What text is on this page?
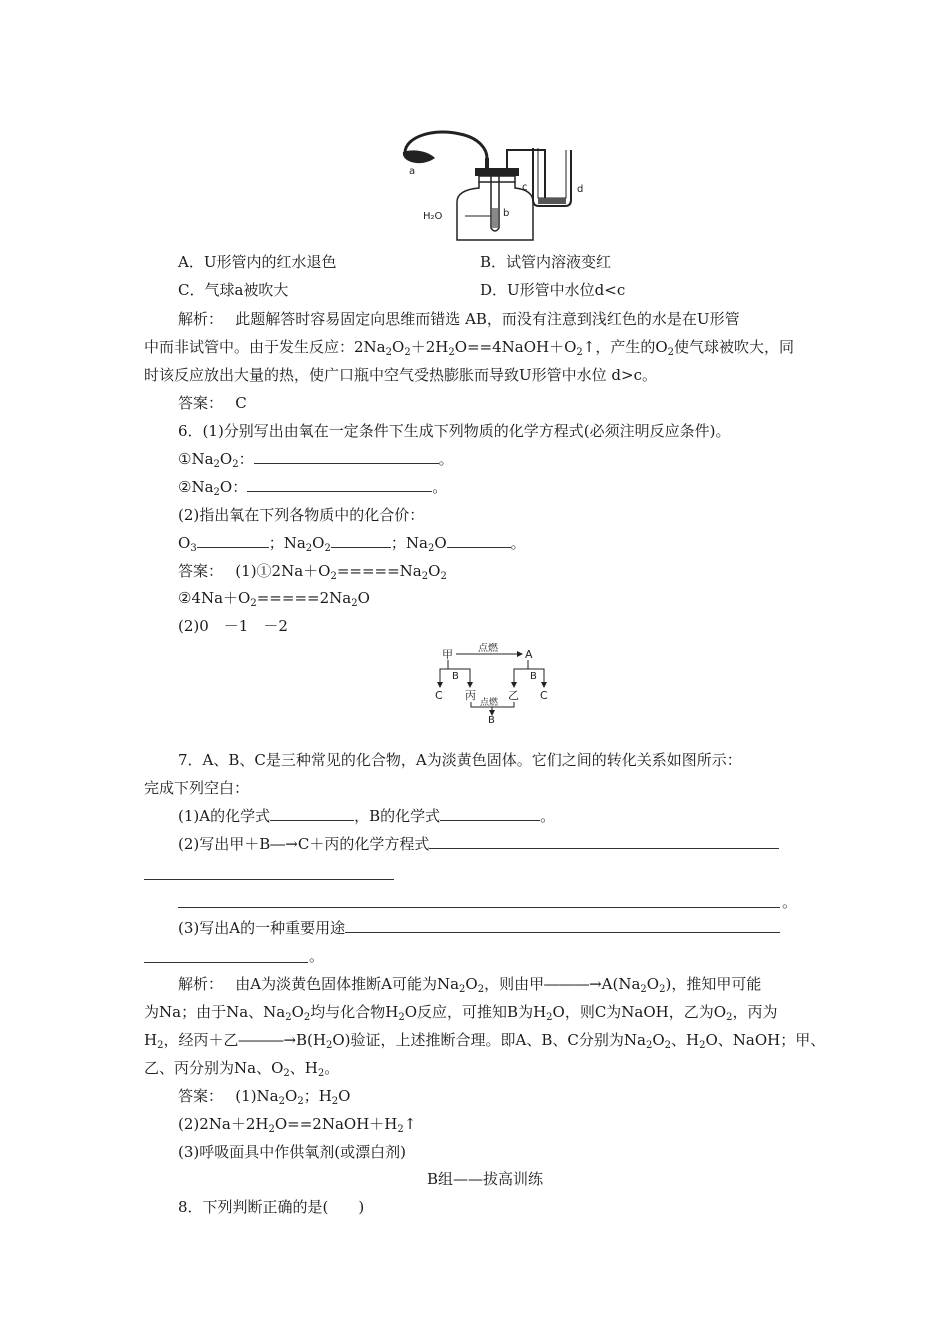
a
b
c	d
H₂O
A．U形管内的红水退色	B．试管内溶液变红
C．气球a被吹大	D．U形管中水位d<c
解析：　 此题解答时容易固定向思维而错选 AB，而没有注意到浅红色的水是在U形管
中而非试管中。由于发生反应：$2Na_2O_2+2H_2O==4NaOH+O_2↑$，产生的$O_2$使气球被吹大，同
时该反应放出大量的热，使广口瓶中空气受热膨胀而导致U形管中水位 d>c。
答案：　 C
6．(1)分别写出由氧在一定条件下生成下列物质的化学方程式(必须注明反应条件)。
$①Na_2O_2$：	。
$②Na_2O$：	。
(2)指出氧在下列各物质中的化合价：
$O_3$	；$Na_2O_2$	；$Na_2O$	。
答案：　 $(1)①2Na+O_2=====Na_2O_2$
$②4Na+O_2=====2Na_2O$
(2)0　－1　－2
甲	A
点燃
B	B
C 丙	乙 C
点燃
B
7．A、B、C是三种常见的化合物，A为淡黄色固体。它们之间的转化关系如图所示：
完成下列空白：
(1)A的化学式	，B的化学式	。
(2)写出甲＋B―→C＋丙的化学方程式
。
(3)写出A的一种重要用途
。
解析：　 由A为淡黄色固体推断A可能为$Na_2O_2$，则由甲$―――\to A(Na_2O_2)$，推知甲可能
为Na；由于Na、$Na_2O_2$均与化合物$H_2O$反应，可推知B为$H_2O$，则C为NaOH，乙为$O_2$，丙为
$H_2$，经丙＋乙$―――\to B(H_2O)$验证，上述推断合理。即A、B、C分别为$Na_2O_2$、$H_2O$、NaOH；甲、
乙、丙分别为Na、$O_2$、$H_2$。
答案：　 $(1)Na_2O_2$；$H_2O$
$(2)2Na+2H_2O==2NaOH+H_2↑$
(3)呼吸面具中作供氧剂(或漂白剂)
B组——拔高训练
8．下列判断正确的是(　　)
